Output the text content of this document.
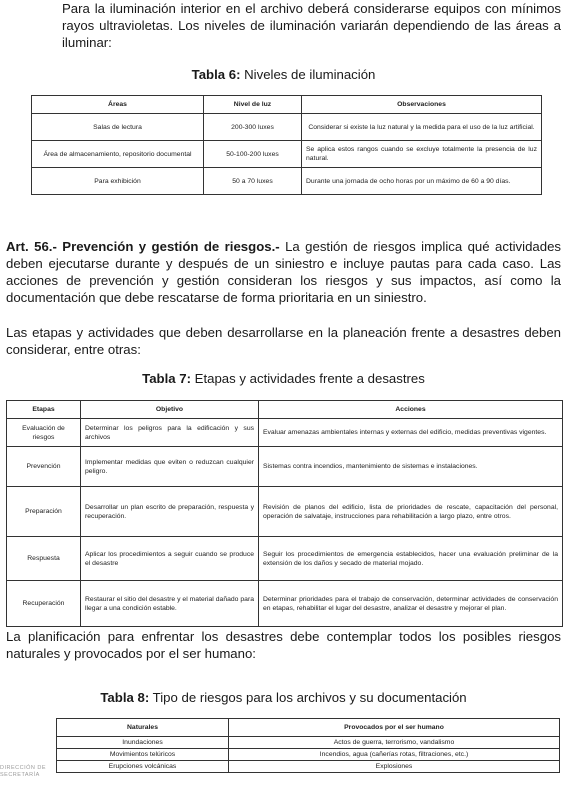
Para la iluminación interior en el archivo deberá considerarse equipos con mínimos rayos ultravioletas. Los niveles de iluminación variarán dependiendo de las áreas a iluminar:

Tabla 6: Niveles de iluminación

Áreas	Nivel de luz	Observaciones
Salas de lectura	200-300 luxes	Considerar si existe la luz natural y la medida para el uso de la luz artificial.
Área de almacenamiento, repositorio documental	50-100-200 luxes	Se aplica estos rangos cuando se excluye totalmente la presencia de luz natural.
Para exhibición	50 a 70 luxes	Durante una jornada de ocho horas por un máximo de 60 a 90 días.

Art. 56.- Prevención y gestión de riesgos.- La gestión de riesgos implica qué actividades deben ejecutarse durante y después de un siniestro e incluye pautas para cada caso. Las acciones de prevención y gestión consideran los riesgos y sus impactos, así como la documentación que debe rescatarse de forma prioritaria en un siniestro.

Las etapas y actividades que deben desarrollarse en la planeación frente a desastres deben considerar, entre otras:

Tabla 7: Etapas y actividades frente a desastres

Etapas	Objetivo	Acciones
Evaluación de riesgos	Determinar los peligros para la edificación y sus archivos	Evaluar amenazas ambientales internas y externas del edificio, medidas preventivas vigentes.
Prevención	Implementar medidas que eviten o reduzcan cualquier peligro.	Sistemas contra incendios, mantenimiento de sistemas e instalaciones.
Preparación	Desarrollar un plan escrito de preparación, respuesta y recuperación.	Revisión de planos del edificio, lista de prioridades de rescate, capacitación del personal, operación de salvataje, instrucciones para rehabilitación a largo plazo, entre otros.
Respuesta	Aplicar los procedimientos a seguir cuando se produce el desastre	Seguir los procedimientos de emergencia establecidos, hacer una evaluación preliminar de la extensión de los daños y secado de material mojado.
Recuperación	Restaurar el sitio del desastre y el material dañado para llegar a una condición estable.	Determinar prioridades para el trabajo de conservación, determinar actividades de conservación en etapas, rehabilitar el lugar del desastre, analizar el desastre y mejorar el plan.

La planificación para enfrentar los desastres debe contemplar todos los posibles riesgos naturales y provocados por el ser humano:

Tabla 8: Tipo de riesgos para los archivos y su documentación

Naturales	Provocados por el ser humano
Inundaciones	Actos de guerra, terrorismo, vandalismo
Movimientos telúricos	Incendios, agua (cañerías rotas, filtraciones, etc.)
Erupciones volcánicas	Explosiones
DIRECCIÓN DE
SECRETARÍA
